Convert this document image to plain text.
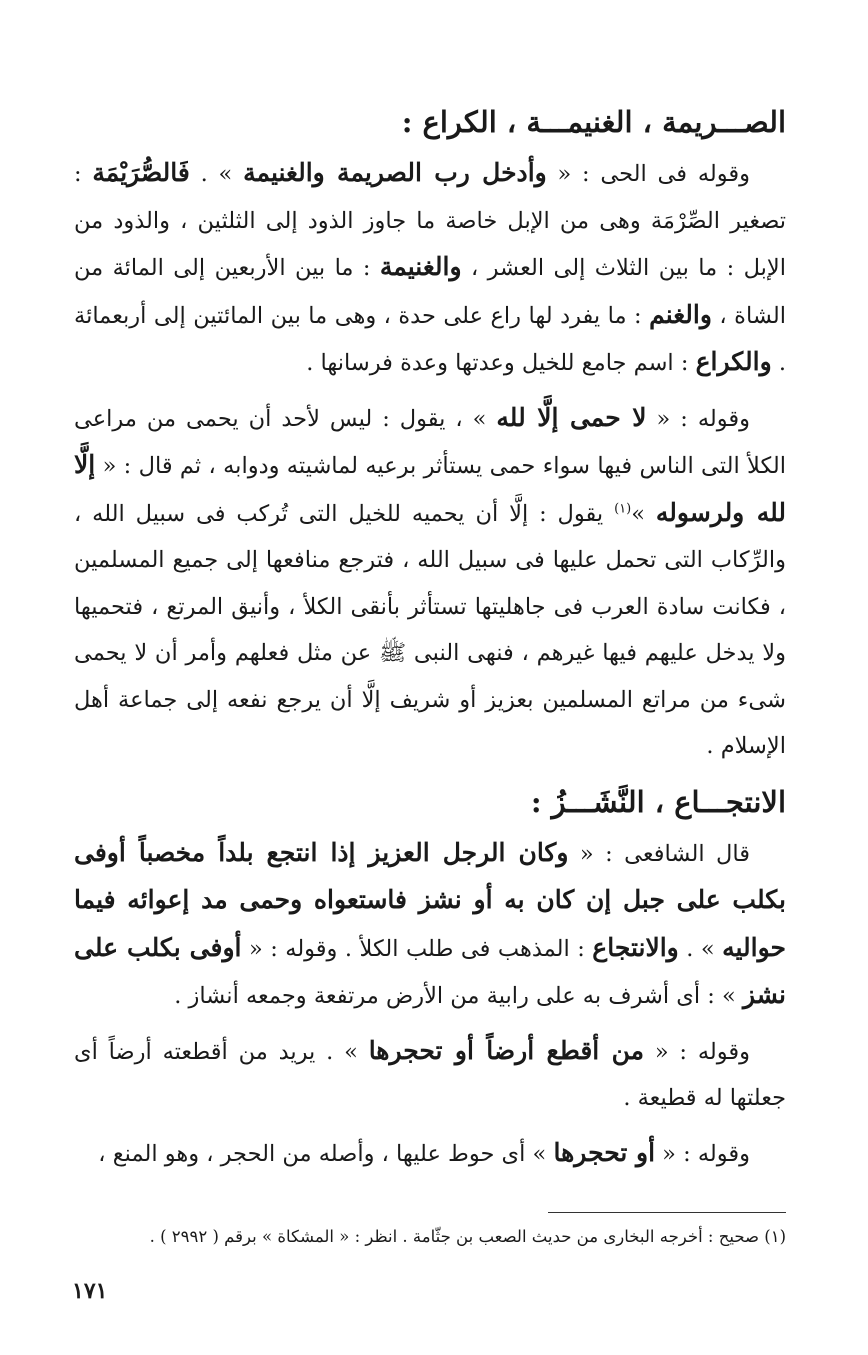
الصـــريمة ، الغنيمـــة ، الكراع :

وقوله فى الحى : « وأدخل رب الصريمة والغنيمة » . فَالصُّرَيْمَة : تصغير الصِّرْمَة وهى من الإبل خاصة ما جاوز الذود إلى الثلثين ، والذود من الإبل : ما بين الثلاث إلى العشر ، والغنيمة : ما بين الأربعين إلى المائة من الشاة ، والغنم : ما يفرد لها راع على حدة ، وهى ما بين المائتين إلى أربعمائة . والكراع : اسم جامع للخيل وعدتها وعدة فرسانها .

وقوله : « لا حمى إلَّا لله » ، يقول : ليس لأحد أن يحمى من مراعى الكلأ التى الناس فيها سواء حمى يستأثر برعيه لماشيته ودوابه ، ثم قال : « إلَّا لله ولرسوله »$^{(١)}$ يقول : إلَّا أن يحميه للخيل التى تُركب فى سبيل الله ، والرِّكاب التى تحمل عليها فى سبيل الله ، فترجع منافعها إلى جميع المسلمين ، فكانت سادة العرب فى جاهليتها تستأثر بأنقى الكلأ ، وأنيق المرتع ، فتحميها ولا يدخل عليهم فيها غيرهم ، فنهى النبى ﷺ عن مثل فعلهم وأمر أن لا يحمى شىء من مراتع المسلمين بعزيز أو شريف إلَّا أن يرجع نفعه إلى جماعة أهل الإسلام .

الانتجـــاع ، النَّشَـــزُ :

قال الشافعى : « وكان الرجل العزيز إذا انتجع بلداً مخصباً أوفى بكلب على جبل إن كان به أو نشز فاستعواه وحمى مد إعوائه فيما حواليه » . والانتجاع : المذهب فى طلب الكلأ . وقوله : « أوفى بكلب على نشز » : أى أشرف به على رابية من الأرض مرتفعة وجمعه أنشاز .

وقوله : « من أقطع أرضاً أو تحجرها » . يريد من أقطعته أرضاً أى جعلتها له قطيعة .

وقوله : « أو تحجرها » أى حوط عليها ، وأصله من الحجر ، وهو المنع ،

(١) صحيح : أخرجه البخارى من حديث الصعب بن جثّامة . انظر : « المشكاة » برقم ( ٢٩٩٢ ) .
١٧١
